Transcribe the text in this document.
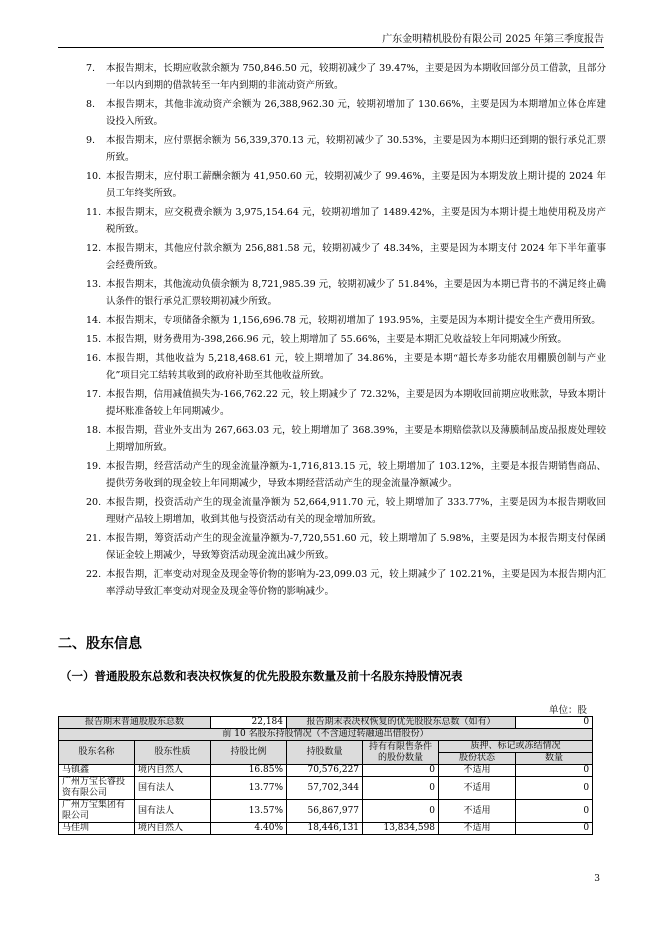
广东金明精机股份有限公司 2025 年第三季度报告
7. 本报告期末，长期应收款余额为 750,846.50 元，较期初减少了 39.47%，主要是因为本期收回部分员工借款，且部分一年以内到期的借款转至一年内到期的非流动资产所致。
8. 本报告期末，其他非流动资产余额为 26,388,962.30 元，较期初增加了 130.66%，主要是因为本期增加立体仓库建设投入所致。
9. 本报告期末，应付票据余额为 56,339,370.13 元，较期初减少了 30.53%，主要是因为本期归还到期的银行承兑汇票所致。
10. 本报告期末，应付职工薪酬余额为 41,950.60 元，较期初减少了 99.46%，主要是因为本期发放上期计提的 2024 年员工年终奖所致。
11. 本报告期末，应交税费余额为 3,975,154.64 元，较期初增加了 1489.42%，主要是因为本期计提土地使用税及房产税所致。
12. 本报告期末，其他应付款余额为 256,881.58 元，较期初减少了 48.34%，主要是因为本期支付 2024 年下半年董事会经费所致。
13. 本报告期末，其他流动负债余额为 8,721,985.39 元，较期初减少了 51.84%，主要是因为本期已背书的不满足终止确认条件的银行承兑汇票较期初减少所致。
14. 本报告期末，专项储备余额为 1,156,696.78 元，较期初增加了 193.95%，主要是因为本期计提安全生产费用所致。
15. 本报告期，财务费用为-398,266.96 元，较上期增加了 55.66%，主要是本期汇兑收益较上年同期减少所致。
16. 本报告期，其他收益为 5,218,468.61 元，较上期增加了 34.86%，主要是本期“超长寿多功能农用棚膜创制与产业化”项目完工结转其收到的政府补助至其他收益所致。
17. 本报告期，信用减值损失为-166,762.22 元，较上期减少了 72.32%，主要是因为本期收回前期应收账款，导致本期计提坏账准备较上年同期减少。
18. 本报告期，营业外支出为 267,663.03 元，较上期增加了 368.39%，主要是本期赔偿款以及薄膜制品废品报废处理较上期增加所致。
19. 本报告期，经营活动产生的现金流量净额为-1,716,813.15 元，较上期增加了 103.12%，主要是本报告期销售商品、提供劳务收到的现金较上年同期减少，导致本期经营活动产生的现金流量净额减少。
20. 本报告期，投资活动产生的现金流量净额为 52,664,911.70 元，较上期增加了 333.77%，主要是因为本报告期收回理财产品较上期增加，收到其他与投资活动有关的现金增加所致。
21. 本报告期，筹资活动产生的现金流量净额为-7,720,551.60 元，较上期增加了 5.98%，主要是因为本报告期支付保函保证金较上期减少，导致筹资活动现金流出减少所致。
22. 本报告期，汇率变动对现金及现金等价物的影响为-23,099.03 元，较上期减少了 102.21%，主要是因为本报告期内汇率浮动导致汇率变动对现金及现金等价物的影响减少。
二、股东信息
（一）普通股股东总数和表决权恢复的优先股股东数量及前十名股东持股情况表
单位：股
报告期末普通股股东总数		22,184	报告期末表决权恢复的优先股股东总数（如有）			0
前 10 名股东持股情况（不含通过转融通出借股份）						
股东名称	股东性质	持股比例	持股数量	持有有限售条件的股份数量	质押、标记或冻结情况	
					股份状态	数量
马镇鑫	境内自然人	16.85%	70,576,227	0	不适用	0
广州万宝长睿投资有限公司	国有法人	13.77%	57,702,344	0	不适用	0
广州万宝集团有限公司	国有法人	13.57%	56,867,977	0	不适用	0
马佳圳	境内自然人	4.40%	18,446,131	13,834,598	不适用	0
3
